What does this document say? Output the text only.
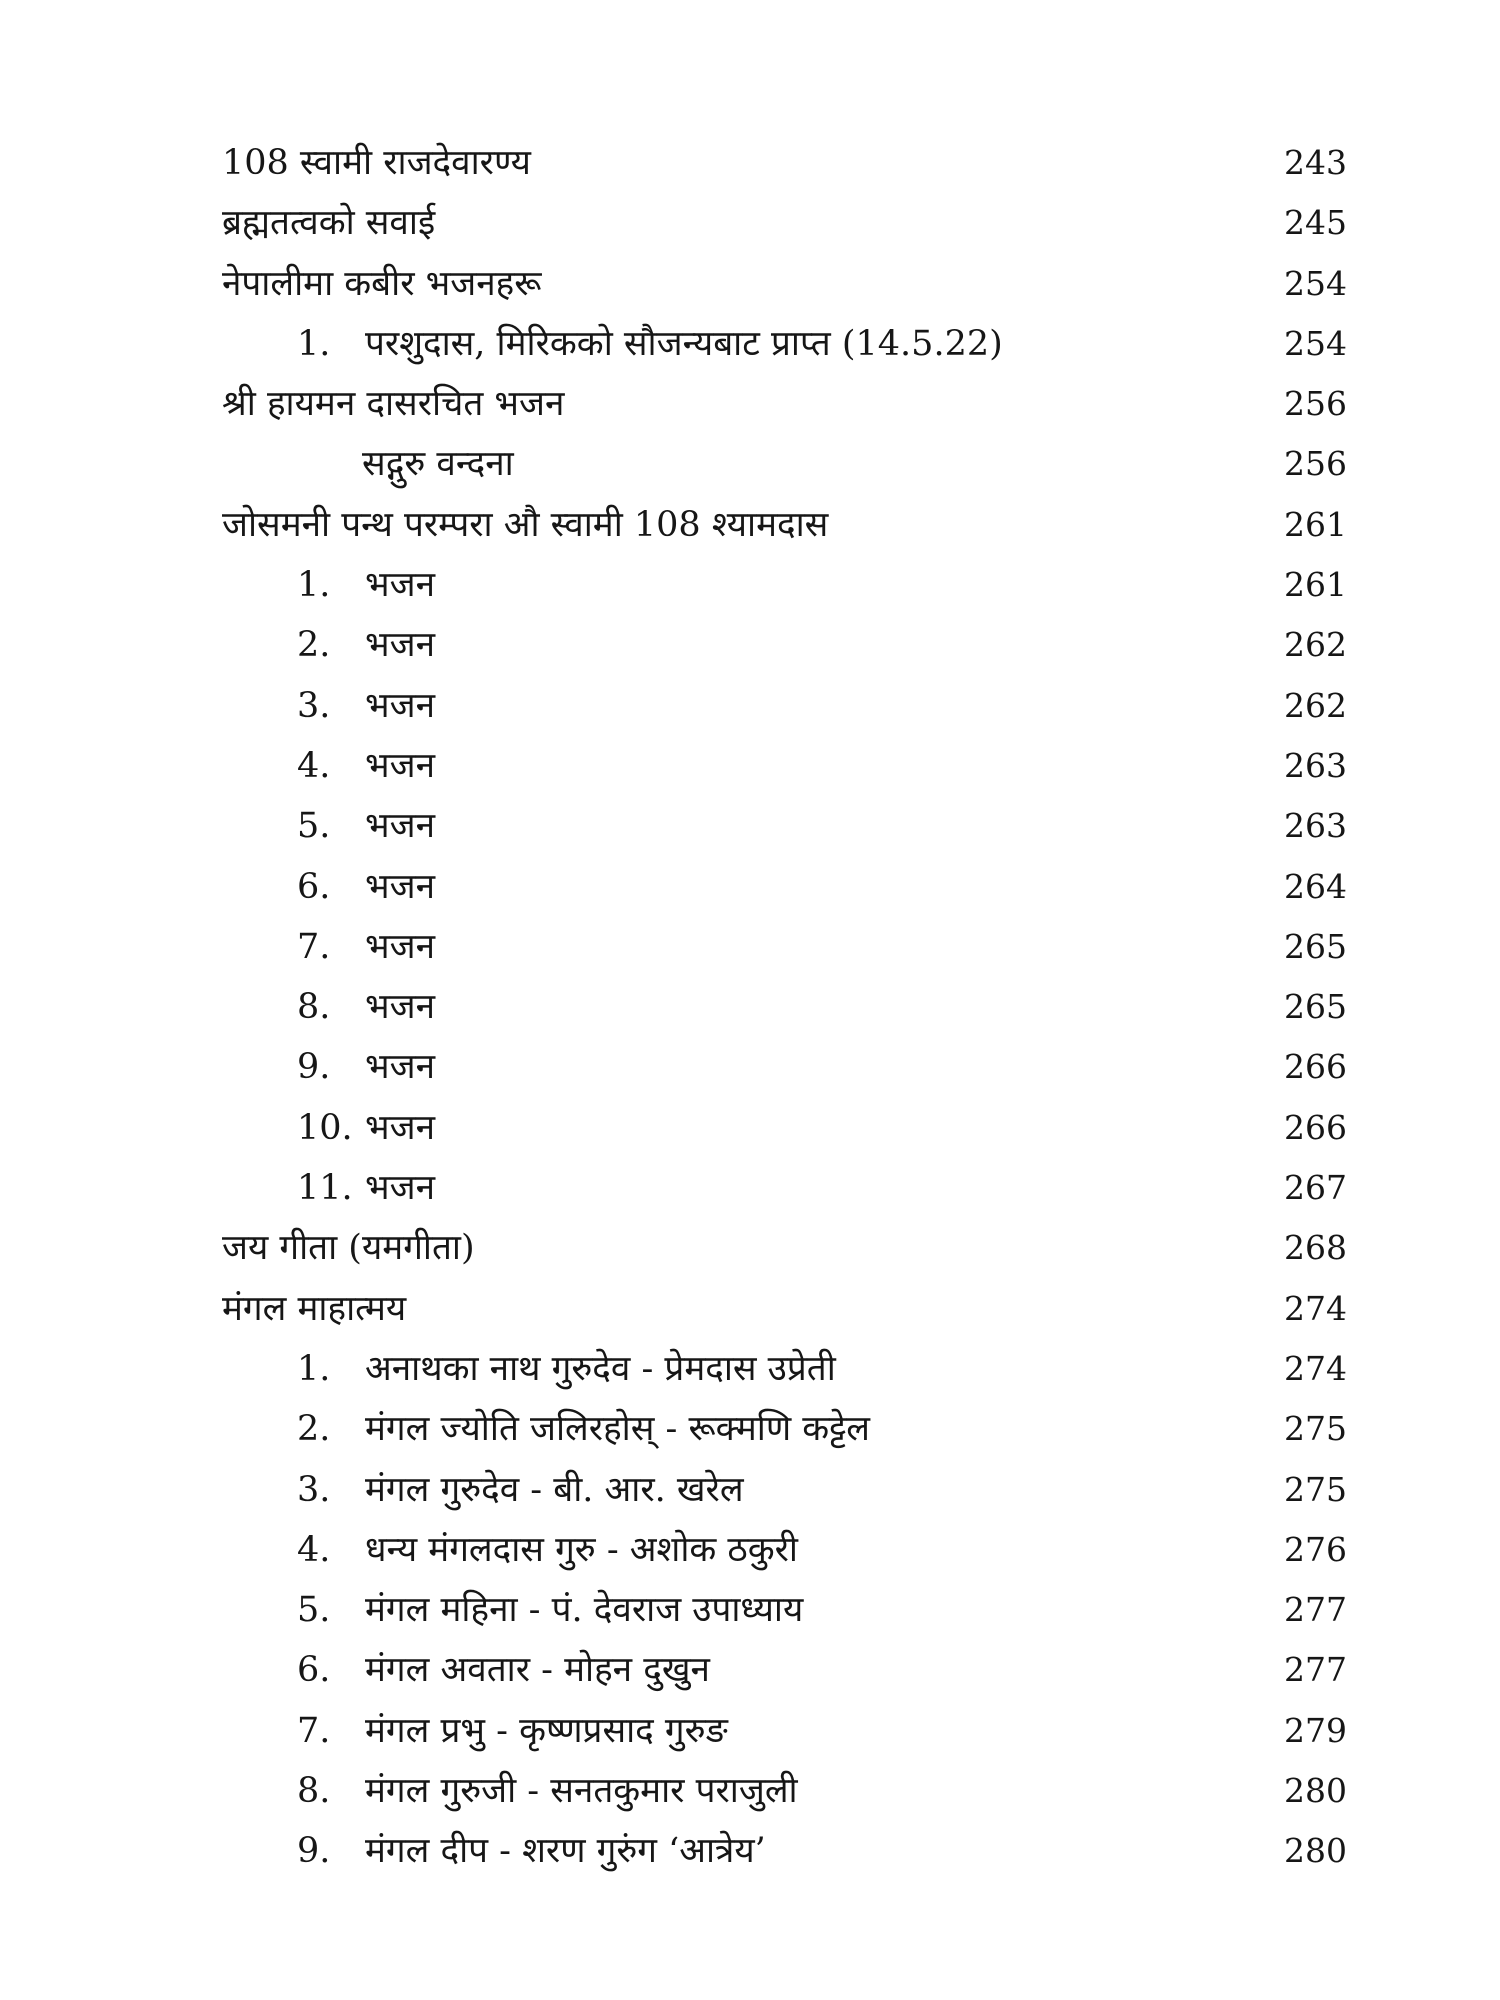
108 स्वामी राजदेवारण्य	243
ब्रह्मतत्वको सवाई	245
नेपालीमा कबीर भजनहरू	254
1. परशुदास, मिरिकको सौजन्यबाट प्राप्त (14.5.22)	254
श्री हायमन दासरचित भजन	256
सद्गुरु वन्दना	256
जोसमनी पन्थ परम्परा औ स्वामी 108 श्यामदास	261
1. भजन	261
2. भजन	262
3. भजन	262
4. भजन	263
5. भजन	263
6. भजन	264
7. भजन	265
8. भजन	265
9. भजन	266
10. भजन	266
11. भजन	267
जय गीता (यमगीता)	268
मंगल माहात्मय	274
1. अनाथका नाथ गुरुदेव - प्रेमदास उप्रेती	274
2. मंगल ज्योति जलिरहोस् - रूक्मणि कट्टेल	275
3. मंगल गुरुदेव - बी. आर. खरेल	275
4. धन्य मंगलदास गुरु - अशोक ठकुरी	276
5. मंगल महिना - पं. देवराज उपाध्याय	277
6. मंगल अवतार - मोहन दुखुन	277
7. मंगल प्रभु - कृष्णप्रसाद गुरुङ	279
8. मंगल गुरुजी - सनतकुमार पराजुली	280
9. मंगल दीप - शरण गुरुंग ‘आत्रेय’	280
